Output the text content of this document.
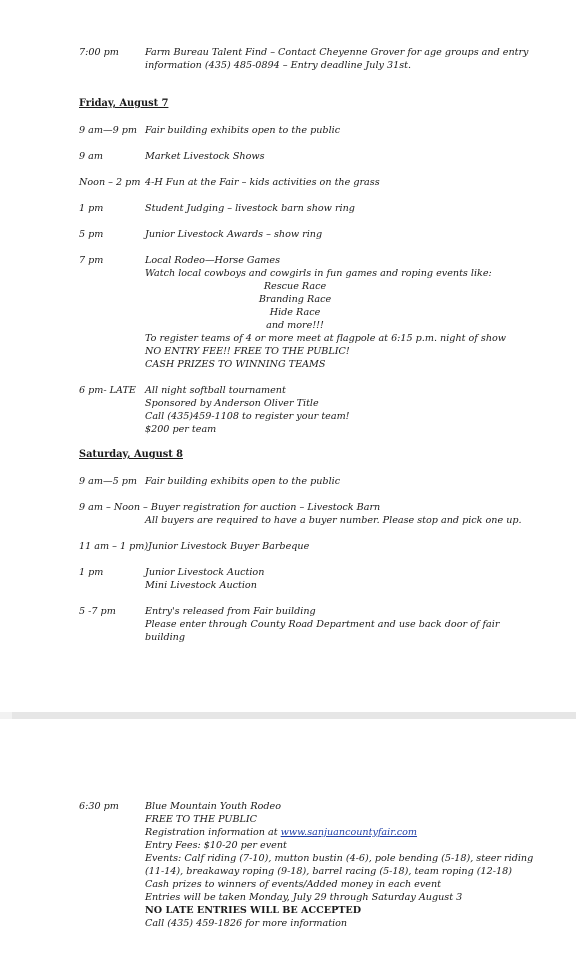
7:00 pm	Farm Bureau Talent Find – Contact Cheyenne Grover for age groups and entry
information (435) 485-0894 – Entry deadline July 31st.
Friday, August 7
9 am—9 pm Fair building exhibits open to the public
9 am	Market Livestock Shows
Noon – 2 pm 4-H Fun at the Fair – kids activities on the grass
1 pm	Student Judging – livestock barn show ring
5 pm	Junior Livestock Awards – show ring
7 pm	Local Rodeo—Horse Games
Watch local cowboys and cowgirls in fun games and roping events like:
Rescue Race
Branding Race
Hide Race
and more!!!
To register teams of 4 or more meet at flagpole at 6:15 p.m. night of show
NO ENTRY FEE!! FREE TO THE PUBLIC!
CASH PRIZES TO WINNING TEAMS
6 pm- LATE All night softball tournament
Sponsored by Anderson Oliver Title
Call (435)459-1108 to register your team!
$200 per team
Saturday, August 8
9 am—5 pm Fair building exhibits open to the public
9 am – Noon – Buyer registration for auction – Livestock Barn
All buyers are required to have a buyer number. Please stop and pick one up.
11 am – 1 pm)Junior Livestock Buyer Barbeque
1 pm	Junior Livestock Auction
Mini Livestock Auction
5 -7 pm	Entry's released from Fair building
Please enter through County Road Department and use back door of fair
building
6:30 pm	Blue Mountain Youth Rodeo
FREE TO THE PUBLIC
Registration information at www.sanjuancountyfair.com
Entry Fees: $10-20 per event
Events: Calf riding (7-10), mutton bustin (4-6), pole bending (5-18), steer riding
(11-14), breakaway roping (9-18), barrel racing (5-18), team roping (12-18)
Cash prizes to winners of events/Added money in each event
Entries will be taken Monday, July 29 through Saturday August 3
NO LATE ENTRIES WILL BE ACCEPTED
Call (435) 459-1826 for more information
